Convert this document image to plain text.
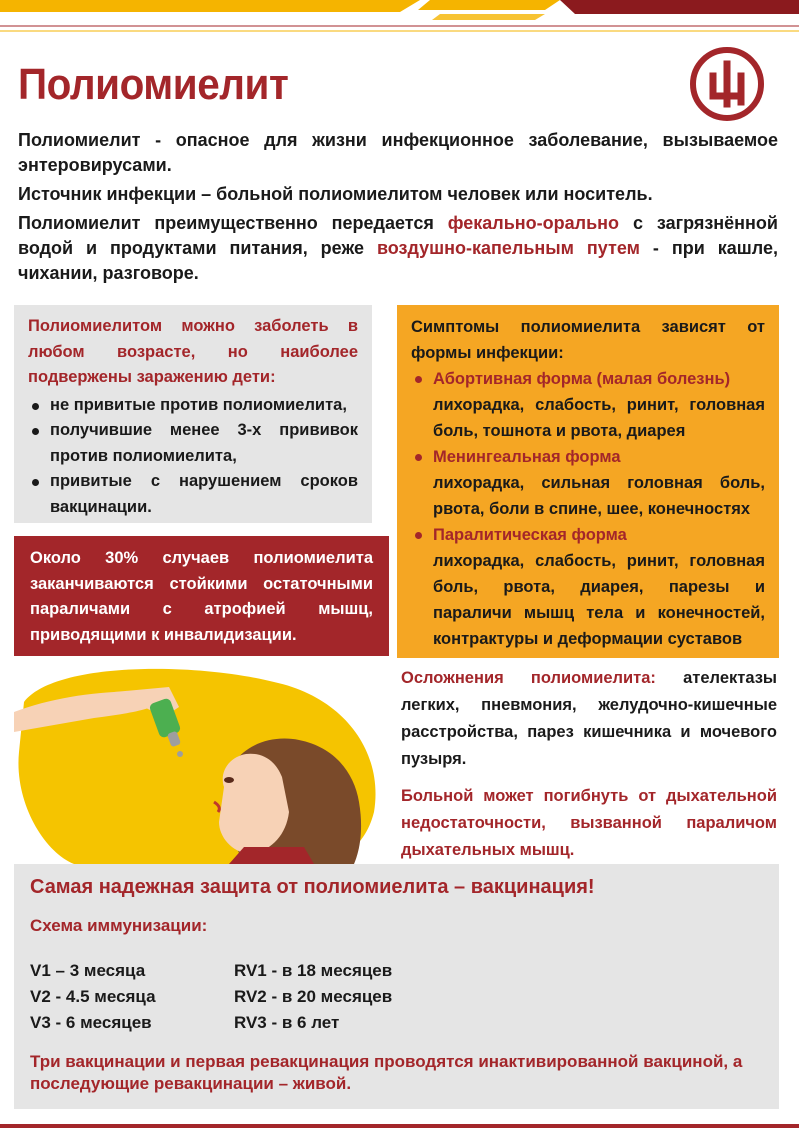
Полиомиелит

Полиомиелит - опасное для жизни инфекционное заболевание, вызываемое энтеровирусами.

Источник инфекции – больной полиомиелитом человек или носитель.

Полиомиелит преимущественно передается фекально-орально с загрязнённой водой и продуктами питания, реже воздушно-капельным путем - при кашле, чихании, разговоре.

Полиомиелитом можно заболеть в любом возрасте, но наиболее подвержены заражению дети:
не привитые против полиомиелита,
получившие менее 3-х прививок против полиомиелита,
привитые с нарушением сроков вакцинации.

Около 30% случаев полиомиелита заканчиваются стойкими остаточными параличами с атрофией мышц, приводящими к инвалидизации.

Симптомы полиомиелита зависят от формы инфекции:
Абортивная форма (малая болезнь)
лихорадка, слабость, ринит, головная боль, тошнота и рвота, диарея
Менингеальная форма
лихорадка, сильная головная боль, рвота, боли в спине, шее, конечностях
Паралитическая форма
лихорадка, слабость, ринит, головная боль, рвота, диарея, парезы и параличи мышц тела и конечностей, контрактуры и деформации суставов

Осложнения полиомиелита: ателектазы легких, пневмония, желудочно-кишечные расстройства, парез кишечника и мочевого пузыря.

Больной может погибнуть от дыхательной недостаточности, вызванной параличом дыхательных мышц.

Самая надежная защита от полиомиелита – вакцинация!

Схема иммунизации:

V1 – 3 месяца
V2 - 4.5 месяца
V3 - 6 месяцев
RV1 - в 18 месяцев
RV2 - в 20 месяцев
RV3 - в 6 лет

Три вакцинации и первая ревакцинация проводятся инактивированной вакциной, а последующие ревакцинации – живой.
